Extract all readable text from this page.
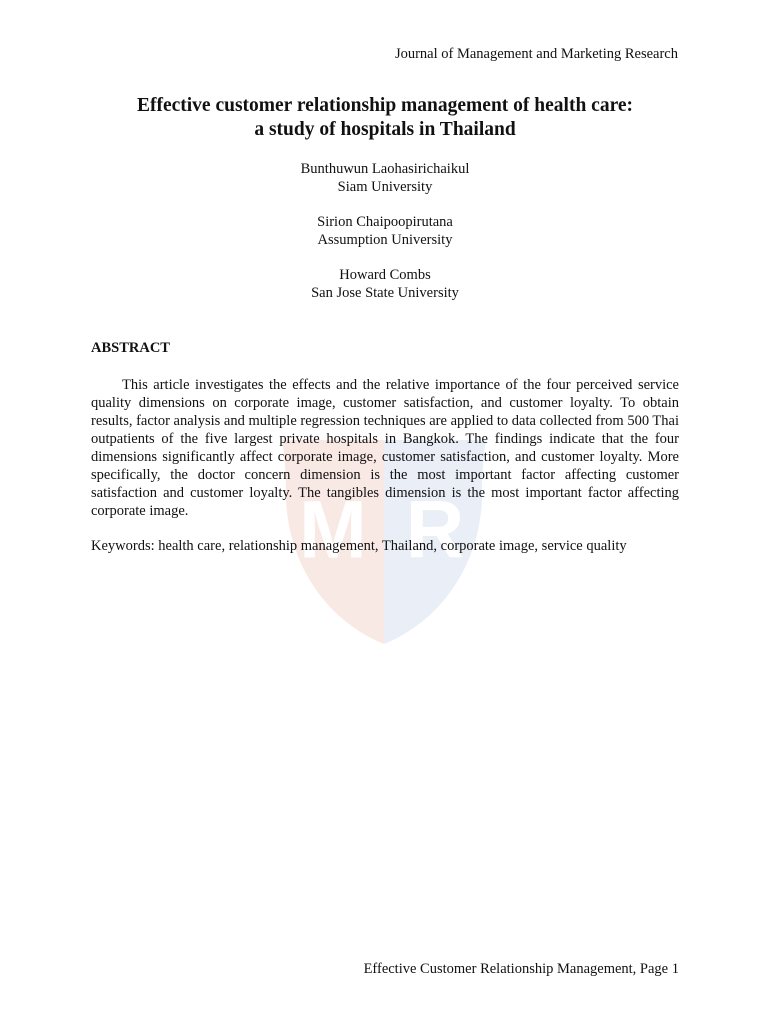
M R
Journal of Management and Marketing Research
Effective customer relationship management of health care:
a study of hospitals in Thailand
Bunthuwun Laohasirichaikul
Siam University
Sirion Chaipoopirutana
Assumption University
Howard Combs
San Jose State University
ABSTRACT

This article investigates the effects and the relative importance of the four perceived service quality dimensions on corporate image, customer satisfaction, and customer loyalty. To obtain results, factor analysis and multiple regression techniques are applied to data collected from 500 Thai outpatients of the five largest private hospitals in Bangkok. The findings indicate that the four dimensions significantly affect corporate image, customer satisfaction, and customer loyalty. More specifically, the doctor concern dimension is the most important factor affecting customer satisfaction and customer loyalty. The tangibles dimension is the most important factor affecting corporate image.

Keywords: health care, relationship management, Thailand, corporate image, service quality
Effective Customer Relationship Management, Page 1
